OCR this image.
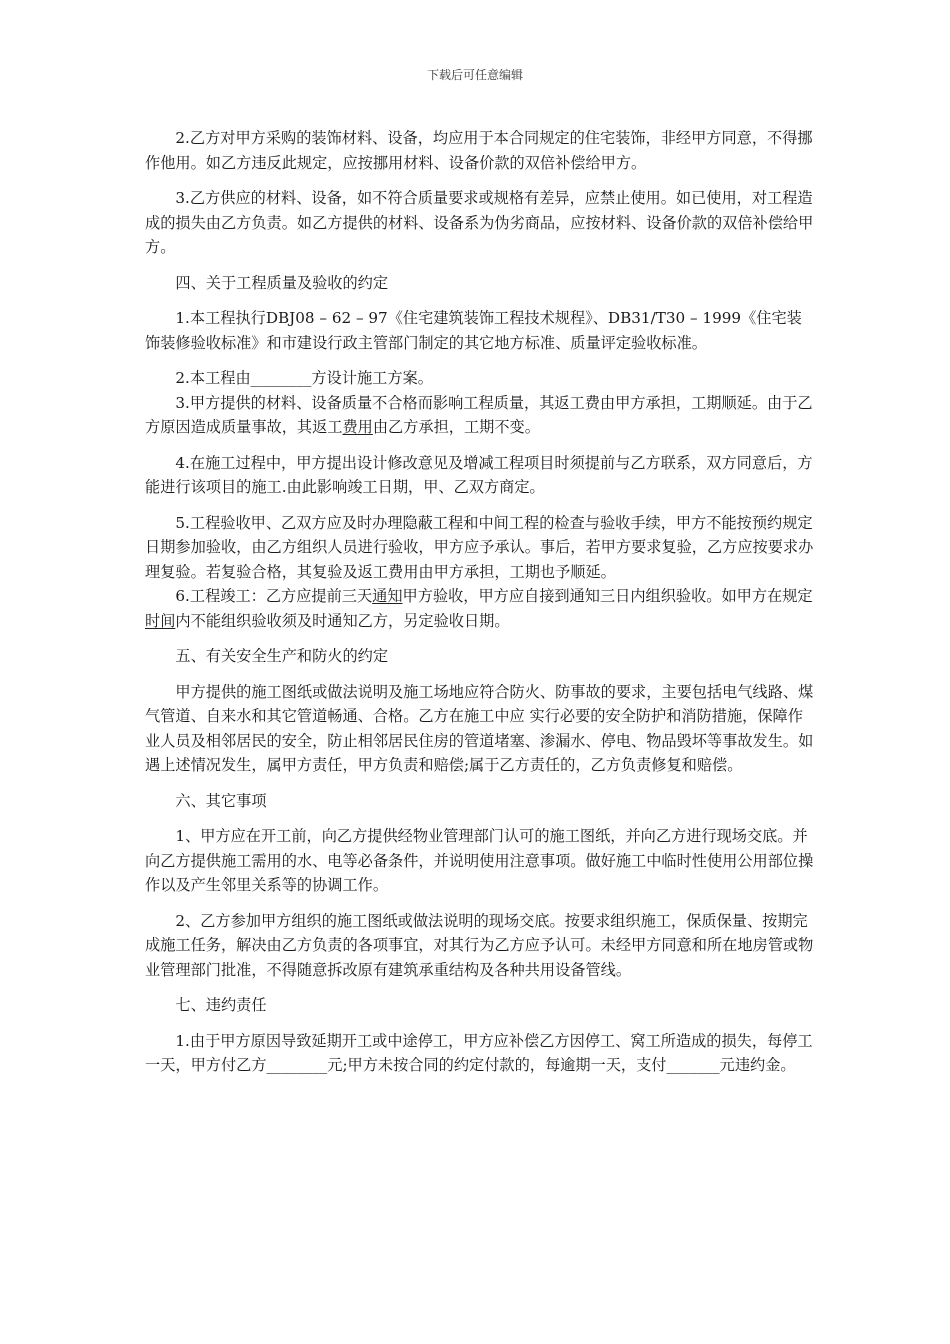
下载后可任意编辑

2.乙方对甲方采购的装饰材料、设备，均应用于本合同规定的住宅装饰，非经甲方同意，不得挪作他用。如乙方违反此规定，应按挪用材料、设备价款的双倍补偿给甲方。

3.乙方供应的材料、设备，如不符合质量要求或规格有差异，应禁止使用。如已使用，对工程造成的损失由乙方负责。如乙方提供的材料、设备系为伪劣商品，应按材料、设备价款的双倍补偿给甲方。

四、关于工程质量及验收的约定

1.本工程执行DBJ08 – 62 – 97《住宅建筑装饰工程技术规程》、DB31/T30 – 1999《住宅装饰装修验收标准》和市建设行政主管部门制定的其它地方标准、质量评定验收标准。

2.本工程由________方设计施工方案。

3.甲方提供的材料、设备质量不合格而影响工程质量，其返工费由甲方承担，工期顺延。由于乙方原因造成质量事故，其返工费用由乙方承担，工期不变。

4.在施工过程中，甲方提出设计修改意见及增减工程项目时须提前与乙方联系，双方同意后，方能进行该项目的施工.由此影响竣工日期，甲、乙双方商定。

5.工程验收甲、乙双方应及时办理隐蔽工程和中间工程的检查与验收手续，甲方不能按预约规定日期参加验收，由乙方组织人员进行验收，甲方应予承认。事后，若甲方要求复验，乙方应按要求办理复验。若复验合格，其复验及返工费用由甲方承担，工期也予顺延。

6.工程竣工：乙方应提前三天通知甲方验收，甲方应自接到通知三日内组织验收。如甲方在规定时间内不能组织验收须及时通知乙方，另定验收日期。

五、有关安全生产和防火的约定

甲方提供的施工图纸或做法说明及施工场地应符合防火、防事故的要求，主要包括电气线路、煤气管道、自来水和其它管道畅通、合格。乙方在施工中应 实行必要的安全防护和消防措施，保障作业人员及相邻居民的安全，防止相邻居民住房的管道堵塞、渗漏水、停电、物品毁坏等事故发生。如遇上述情况发生，属甲方责任，甲方负责和赔偿;属于乙方责任的，乙方负责修复和赔偿。

六、其它事项

1、甲方应在开工前，向乙方提供经物业管理部门认可的施工图纸，并向乙方进行现场交底。并向乙方提供施工需用的水、电等必备条件，并说明使用注意事项。做好施工中临时性使用公用部位操作以及产生邻里关系等的协调工作。

2、乙方参加甲方组织的施工图纸或做法说明的现场交底。按要求组织施工，保质保量、按期完成施工任务，解决由乙方负责的各项事宜，对其行为乙方应予认可。未经甲方同意和所在地房管或物业管理部门批准，不得随意拆改原有建筑承重结构及各种共用设备管线。

七、违约责任

1.由于甲方原因导致延期开工或中途停工，甲方应补偿乙方因停工、窝工所造成的损失，每停工一天，甲方付乙方________元;甲方未按合同的约定付款的，每逾期一天，支付_______元违约金。
